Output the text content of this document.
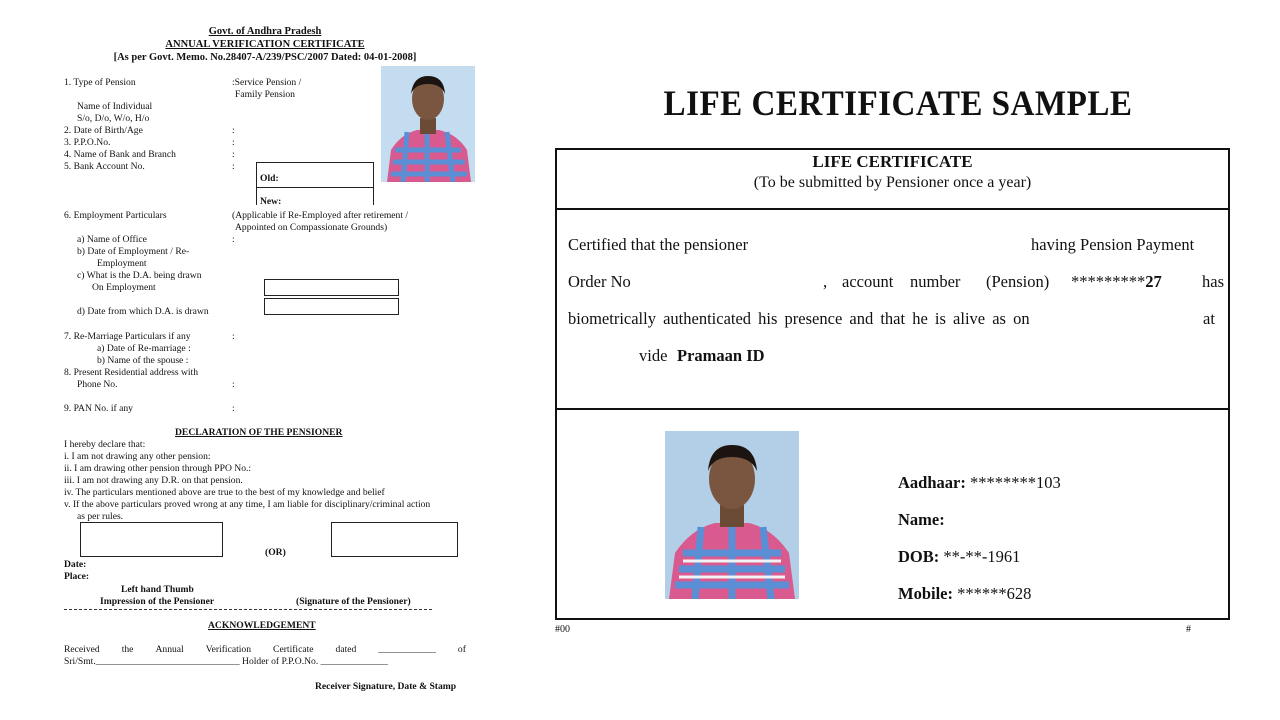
Govt. of Andhra Pradesh
ANNUAL VERIFICATION CERTIFICATE
[As per Govt. Memo. No.28407-A/239/PSC/2007 Dated: 04-01-2008]
1. Type of Pension	:Service Pension /
Family Pension
Name of Individual
S/o, D/o, W/o, H/o
2. Date of Birth/Age	:
3. P.P.O.No.	:
4. Name of Bank and Branch	:
5. Bank Account No.	:
Old:
New:
6. Employment Particulars	(Applicable if Re-Employed after retirement /
Appointed on Compassionate Grounds)
a) Name of Office	:
b) Date of Employment / Re-
Employment
c) What is the D.A. being drawn
On Employment
d) Date from which D.A. is drawn
7. Re-Marriage Particulars if any	:
a) Date of Re-marriage :
b) Name of the spouse :
8. Present Residential address with
Phone No.	:
9. PAN No. if any	:
DECLARATION OF THE PENSIONER
I hereby declare that:
i. I am not drawing any other pension:
ii. I am drawing other pension through PPO No.:
iii. I am not drawing any D.R. on that pension.
iv. The particulars mentioned above are true to the best of my knowledge and belief
v. If the above particulars proved wrong at any time, I am liable for disciplinary/criminal action
as per rules.
(OR)
Date:
Place:
Left hand Thumb
Impression of the Pensioner	(Signature of the Pensioner)
ACKNOWLEDGEMENT
Received the Annual Verification Certificate dated ____________ of
Sri/Smt.______________________________ Holder of P.P.O.No. ______________
Receiver Signature, Date & Stamp
LIFE CERTIFICATE SAMPLE
LIFE CERTIFICATE
(To be submitted by Pensioner once a year)
Certified that the pensioner	having Pension Payment
Order No	, account number (Pension) *********27 has
biometrically authenticated his presence and that he is alive as on	at
vide Pramaan ID
Aadhaar: ********103
Name:
DOB: **-**-1961
Mobile: ******628
#00	#
